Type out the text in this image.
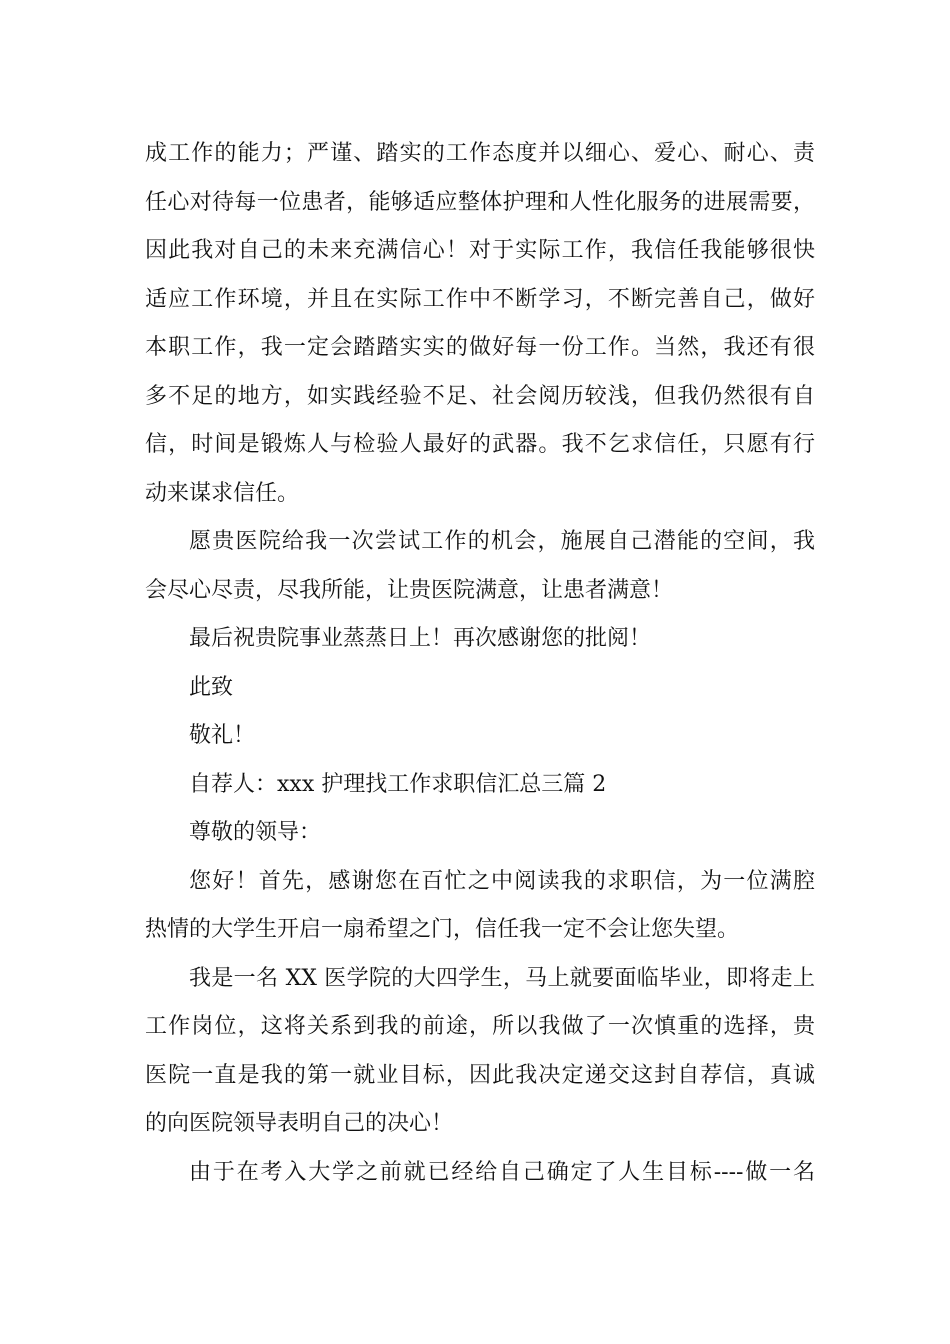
成工作的能力；严谨、踏实的工作态度并以细心、爱心、耐心、责
任心对待每一位患者，能够适应整体护理和人性化服务的进展需要，
因此我对自己的未来充满信心！对于实际工作，我信任我能够很快
适应工作环境，并且在实际工作中不断学习，不断完善自己，做好
本职工作，我一定会踏踏实实的做好每一份工作。当然，我还有很
多不足的地方，如实践经验不足、社会阅历较浅，但我仍然很有自
信，时间是锻炼人与检验人最好的武器。我不乞求信任，只愿有行
动来谋求信任。
愿贵医院给我一次尝试工作的机会，施展自己潜能的空间，我
会尽心尽责，尽我所能，让贵医院满意，让患者满意！
最后祝贵院事业蒸蒸日上！再次感谢您的批阅！
此致
敬礼！
自荐人：xxx 护理找工作求职信汇总三篇 2
尊敬的领导：
您好！首先，感谢您在百忙之中阅读我的求职信，为一位满腔
热情的大学生开启一扇希望之门，信任我一定不会让您失望。
我是一名 XX 医学院的大四学生，马上就要面临毕业，即将走上
工作岗位，这将关系到我的前途，所以我做了一次慎重的选择，贵
医院一直是我的第一就业目标，因此我决定递交这封自荐信，真诚
的向医院领导表明自己的决心！
由于在考入大学之前就已经给自己确定了人生目标----做一名
